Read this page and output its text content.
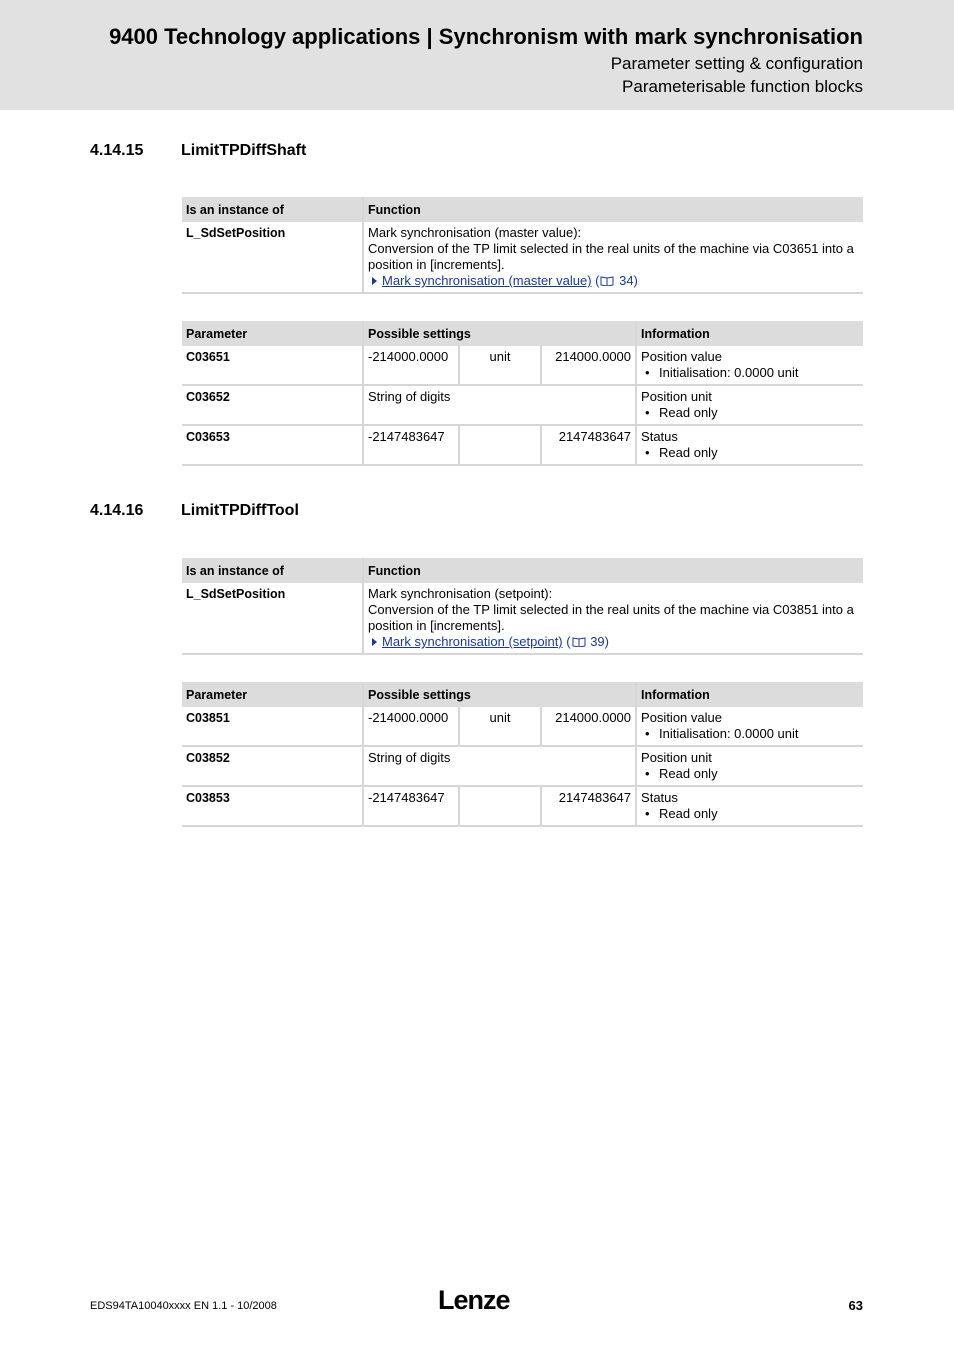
9400 Technology applications | Synchronism with mark synchronisation
Parameter setting & configuration
Parameterisable function blocks
4.14.15 LimitTPDiffShaft
Is an instance of	Function
L_SdSetPosition	Mark synchronisation (master value):
Conversion of the TP limit selected in the real units of the machine via C03651 into a position in [increments].
Mark synchronisation (master value) ( 34)
Parameter	Possible settings			Information
C03651	-214000.0000	unit	214000.0000	Position value
• Initialisation: 0.0000 unit

C03652	String of digits			Position unit
• Read only

C03653	-2147483647		2147483647	Status
• Read only
4.14.16 LimitTPDiffTool
Is an instance of	Function
L_SdSetPosition	Mark synchronisation (setpoint):
Conversion of the TP limit selected in the real units of the machine via C03851 into a position in [increments].
Mark synchronisation (setpoint) ( 39)
Parameter	Possible settings			Information
C03851	-214000.0000	unit	214000.0000	Position value
• Initialisation: 0.0000 unit

C03852	String of digits			Position unit
• Read only

C03853	-2147483647		2147483647	Status
• Read only
EDS94TA10040xxxx EN 1.1 - 10/2008	Lenze	63
